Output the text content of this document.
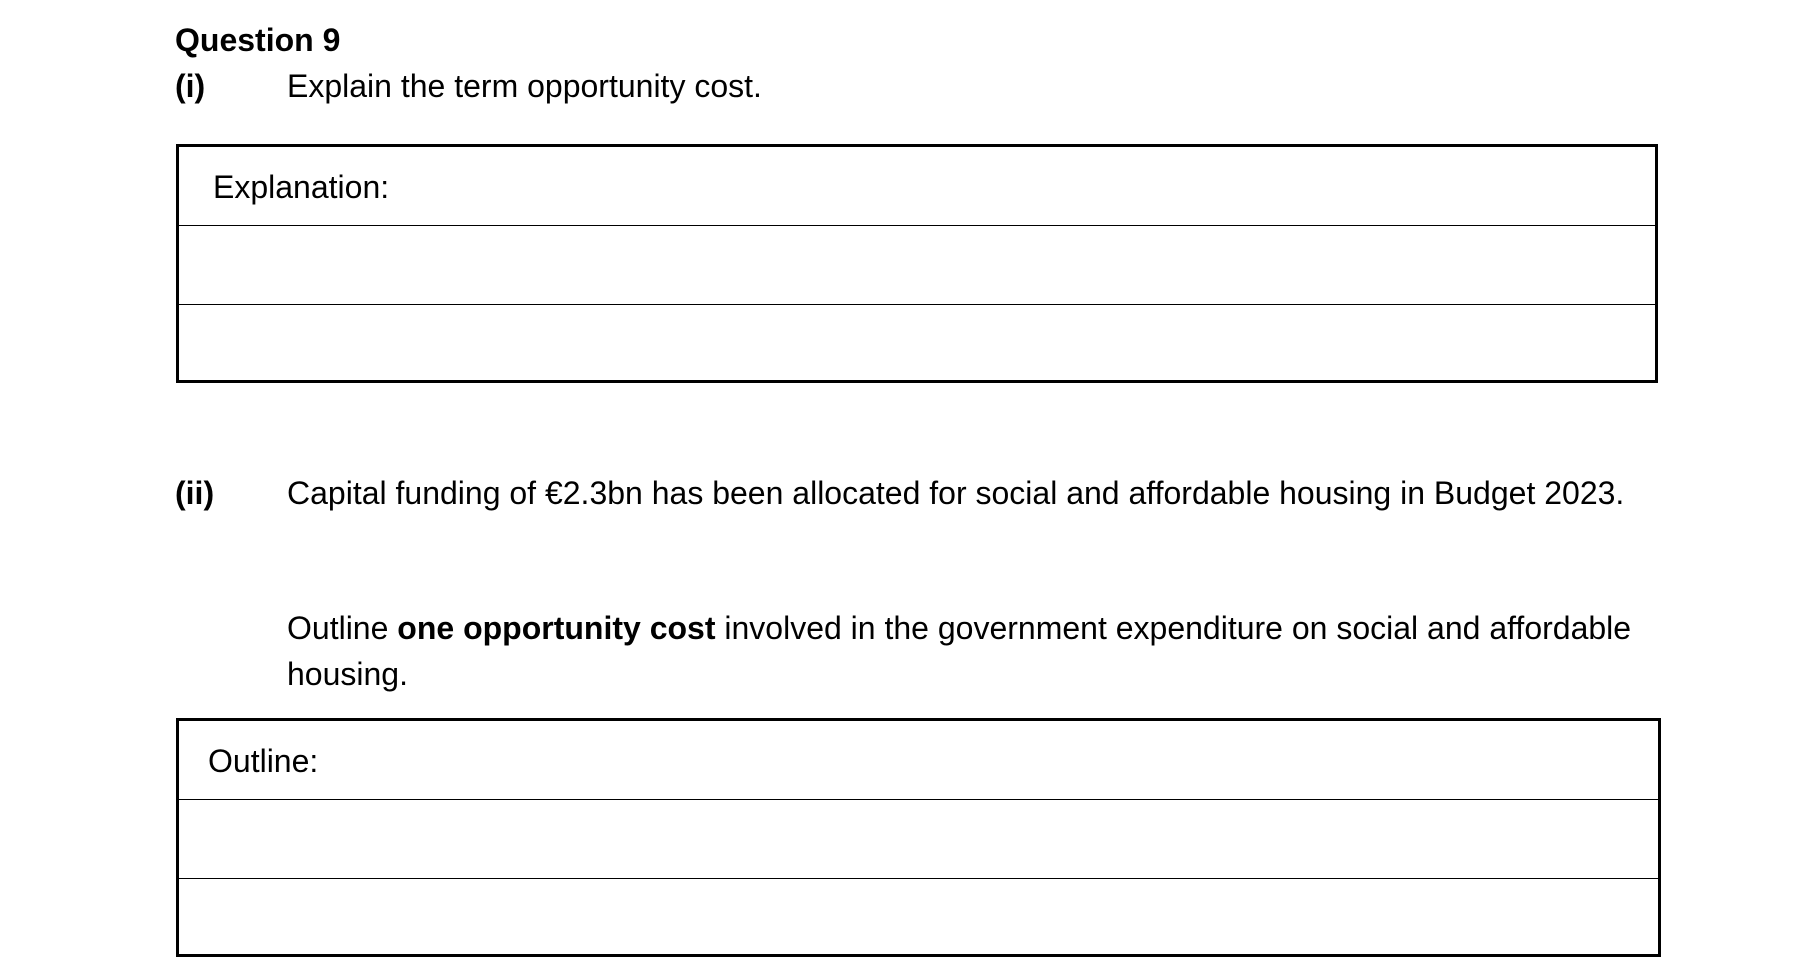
Question 9
(i)	Explain the term opportunity cost.
Explanation:
(ii) Capital funding of €2.3bn has been allocated for social and affordable housing in Budget 2023.
Outline one opportunity cost involved in the government expenditure on social and affordable housing.
Outline:
